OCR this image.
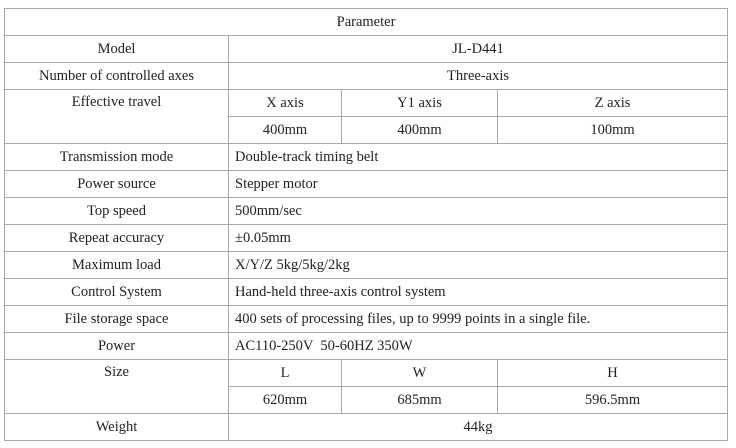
Parameter			
Model	JL-D441		
Number of controlled axes	Three-axis		
Effective travel	X axis	Y1 axis	Z axis
	400mm	400mm	100mm
Transmission mode	Double-track timing belt		
Power source	Stepper motor		
Top speed	500mm/sec		
Repeat accuracy	±0.05mm		
Maximum load	X/Y/Z 5kg/5kg/2kg		
Control System	Hand-held three-axis control system		
File storage space	400 sets of processing files, up to 9999 points in a single file.		
Power	AC110-250V  50-60HZ 350W		
Size	L	W	H
	620mm	685mm	596.5mm
Weight	44kg		
